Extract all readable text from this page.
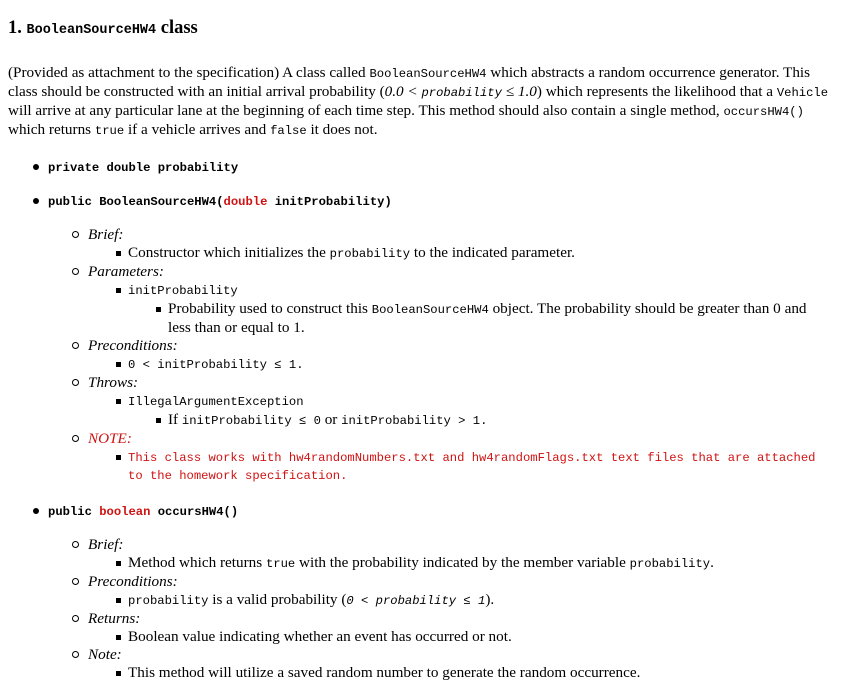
1. BooleanSourceHW4 class

(Provided as attachment to the specification) A class called BooleanSourceHW4 which abstracts a random occurrence generator. This class should be constructed with an initial arrival probability (0.0 < probability ≤ 1.0) which represents the likelihood that a Vehicle will arrive at any particular lane at the beginning of each time step. This method should also contain a single method, occursHW4() which returns true if a vehicle arrives and false it does not.

private double probability
public BooleanSourceHW4(double initProbability)
Brief:
Constructor which initializes the probability to the indicated parameter.
Parameters:
initProbability
Probability used to construct this BooleanSourceHW4 object. The probability should be greater than 0 and less than or equal to 1.
Preconditions:
0 < initProbability ≤ 1.
Throws:
IllegalArgumentException
If initProbability ≤ 0 or initProbability > 1.
NOTE:
This class works with hw4randomNumbers.txt and hw4randomFlags.txt text files that are attached to the homework specification.
public boolean occursHW4()
Brief:
Method which returns true with the probability indicated by the member variable probability.
Preconditions:
probability is a valid probability (0 < probability ≤ 1).
Returns:
Boolean value indicating whether an event has occurred or not.
Note:
This method will utilize a saved random number to generate the random occurrence.
